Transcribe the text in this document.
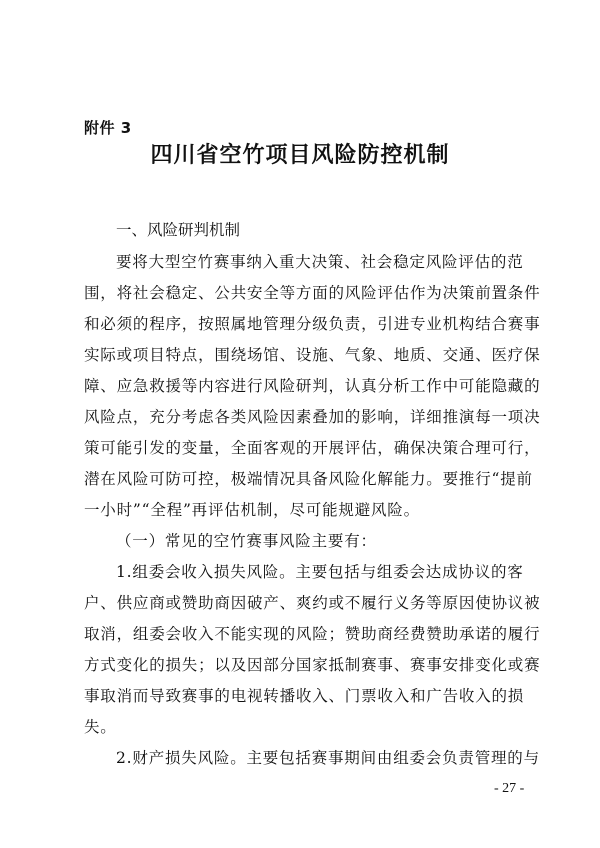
附件 3
四川省空竹项目风险防控机制
一、风险研判机制
要将大型空竹赛事纳入重大决策、社会稳定风险评估的范
围，将社会稳定、公共安全等方面的风险评估作为决策前置条件
和必须的程序，按照属地管理分级负责，引进专业机构结合赛事
实际或项目特点，围绕场馆、设施、气象、地质、交通、医疗保
障、应急救援等内容进行风险研判，认真分析工作中可能隐藏的
风险点，充分考虑各类风险因素叠加的影响，详细推演每一项决
策可能引发的变量，全面客观的开展评估，确保决策合理可行，
潜在风险可防可控，极端情况具备风险化解能力。要推行“提前
一小时”“全程”再评估机制，尽可能规避风险。
（一）常见的空竹赛事风险主要有：
1.组委会收入损失风险。主要包括与组委会达成协议的客
户、供应商或赞助商因破产、爽约或不履行义务等原因使协议被
取消，组委会收入不能实现的风险；赞助商经费赞助承诺的履行
方式变化的损失；以及因部分国家抵制赛事、赛事安排变化或赛
事取消而导致赛事的电视转播收入、门票收入和广告收入的损
失。
2.财产损失风险。主要包括赛事期间由组委会负责管理的与
- 27 -
